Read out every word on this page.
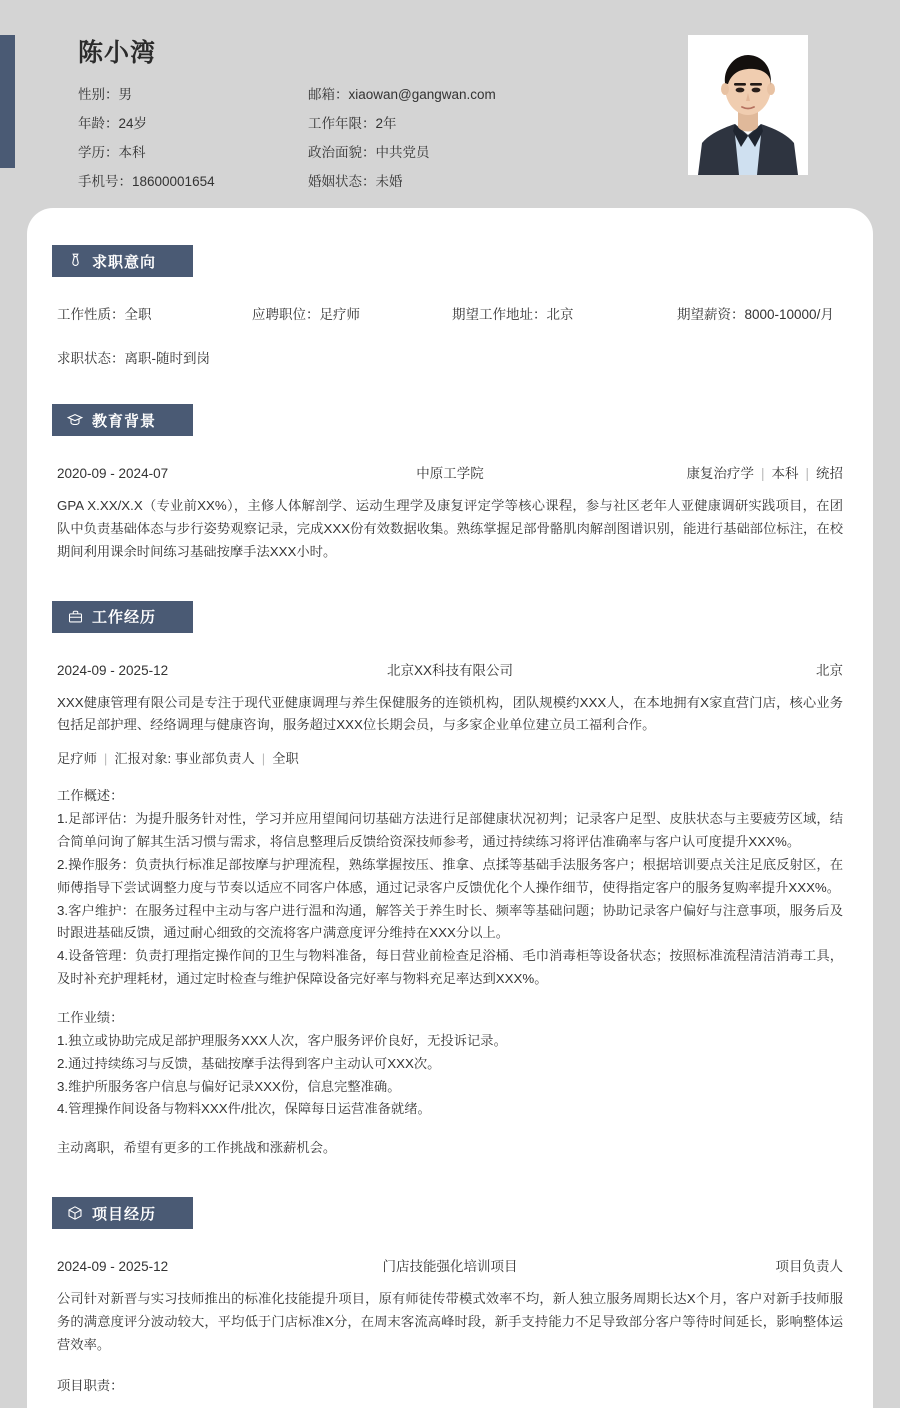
陈小湾
性别：男	邮箱：xiaowan@gangwan.com
年龄：24岁	工作年限：2年
学历：本科	政治面貌：中共党员
手机号：18600001654	婚姻状态：未婚
求职意向
工作性质：全职	应聘职位：足疗师	期望工作地址：北京	期望薪资：8000-10000/月
求职状态：离职-随时到岗
教育背景
2020-09 - 2024-07	中原工学院	康复治疗学 | 本科 | 统招
GPA X.XX/X.X（专业前XX%），主修人体解剖学、运动生理学及康复评定学等核心课程，参与社区老年人亚健康调研实践项目，在团队中负责基础体态与步行姿势观察记录，完成XXX份有效数据收集。熟练掌握足部骨骼肌肉解剖图谱识别，能进行基础部位标注，在校期间利用课余时间练习基础按摩手法XXX小时。
工作经历
2024-09 - 2025-12	北京XX科技有限公司	北京
XXX健康管理有限公司是专注于现代亚健康调理与养生保健服务的连锁机构，团队规模约XXX人，在本地拥有X家直营门店，核心业务包括足部护理、经络调理与健康咨询，服务超过XXX位长期会员，与多家企业单位建立员工福利合作。
足疗师 | 汇报对象: 事业部负责人 | 全职
工作概述：
1.足部评估：为提升服务针对性，学习并应用望闻问切基础方法进行足部健康状况初判；记录客户足型、皮肤状态与主要疲劳区域，结合简单问询了解其生活习惯与需求，将信息整理后反馈给资深技师参考，通过持续练习将评估准确率与客户认可度提升XXX%。
2.操作服务：负责执行标准足部按摩与护理流程，熟练掌握按压、推拿、点揉等基础手法服务客户；根据培训要点关注足底反射区，在师傅指导下尝试调整力度与节奏以适应不同客户体感，通过记录客户反馈优化个人操作细节，使得指定客户的服务复购率提升XXX%。
3.客户维护：在服务过程中主动与客户进行温和沟通，解答关于养生时长、频率等基础问题；协助记录客户偏好与注意事项，服务后及时跟进基础反馈，通过耐心细致的交流将客户满意度评分维持在XXX分以上。
4.设备管理：负责打理指定操作间的卫生与物料准备，每日营业前检查足浴桶、毛巾消毒柜等设备状态；按照标准流程清洁消毒工具，及时补充护理耗材，通过定时检查与维护保障设备完好率与物料充足率达到XXX%。
工作业绩：
1.独立或协助完成足部护理服务XXX人次，客户服务评价良好，无投诉记录。
2.通过持续练习与反馈，基础按摩手法得到客户主动认可XXX次。
3.维护所服务客户信息与偏好记录XXX份，信息完整准确。
4.管理操作间设备与物料XXX件/批次，保障每日运营准备就绪。
主动离职，希望有更多的工作挑战和涨薪机会。
项目经历
2024-09 - 2025-12	门店技能强化培训项目	项目负责人
公司针对新晋与实习技师推出的标准化技能提升项目，原有师徒传带模式效率不均，新人独立服务周期长达X个月，客户对新手技师服务的满意度评分波动较大，平均低于门店标准X分，在周末客流高峰时段，新手支持能力不足导致部分客户等待时间延长，影响整体运营效率。
项目职责：
